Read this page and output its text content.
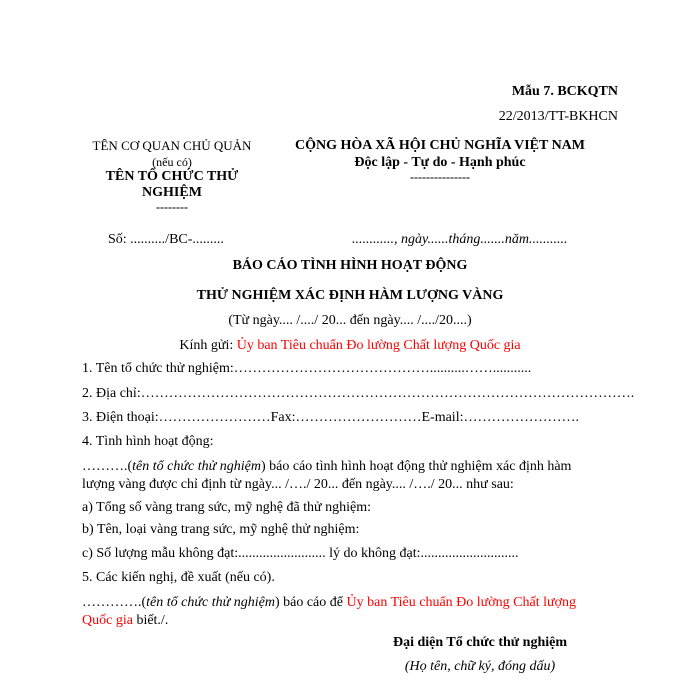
Mẫu 7. BCKQTN
22/2013/TT-BKHCN
TÊN CƠ QUAN CHỦ QUẢN
(nếu có)
TÊN TỔ CHỨC THỬ
NGHIỆM
--------
CỘNG HÒA XÃ HỘI CHỦ NGHĨA VIỆT NAM
Độc lập - Tự do - Hạnh phúc
---------------
Số: ........../BC-.........	............, ngày......tháng.......năm...........
BÁO CÁO TÌNH HÌNH HOẠT ĐỘNG
THỬ NGHIỆM XÁC ĐỊNH HÀM LƯỢNG VÀNG
(Từ ngày.... /..../ 20... đến ngày.... /..../20....)
Kính gửi: Ủy ban Tiêu chuẩn Đo lường Chất lượng Quốc gia
1. Tên tổ chức thử nghiệm:……………………………………..........……...........
2. Địa chỉ:…………………………………………………………………………………………….
3. Điện thoại:……………………Fax:………………………E-mail:…………………….
4. Tình hình hoạt động:
……….(tên tổ chức thử nghiệm) báo cáo tình hình hoạt động thử nghiệm xác định hàm
lượng vàng được chỉ định từ ngày... /…./ 20... đến ngày.... /…./ 20... như sau:
a) Tổng số vàng trang sức, mỹ nghệ đã thử nghiệm:
b) Tên, loại vàng trang sức, mỹ nghệ thử nghiệm:
c) Số lượng mẫu không đạt:......................... lý do không đạt:............................
5. Các kiến nghị, đề xuất (nếu có).
………….(tên tổ chức thử nghiệm) báo cáo để Ủy ban Tiêu chuẩn Đo lường Chất lượng
Quốc gia biết./.
Đại diện Tổ chức thử nghiệm
(Họ tên, chữ ký, đóng dấu)
